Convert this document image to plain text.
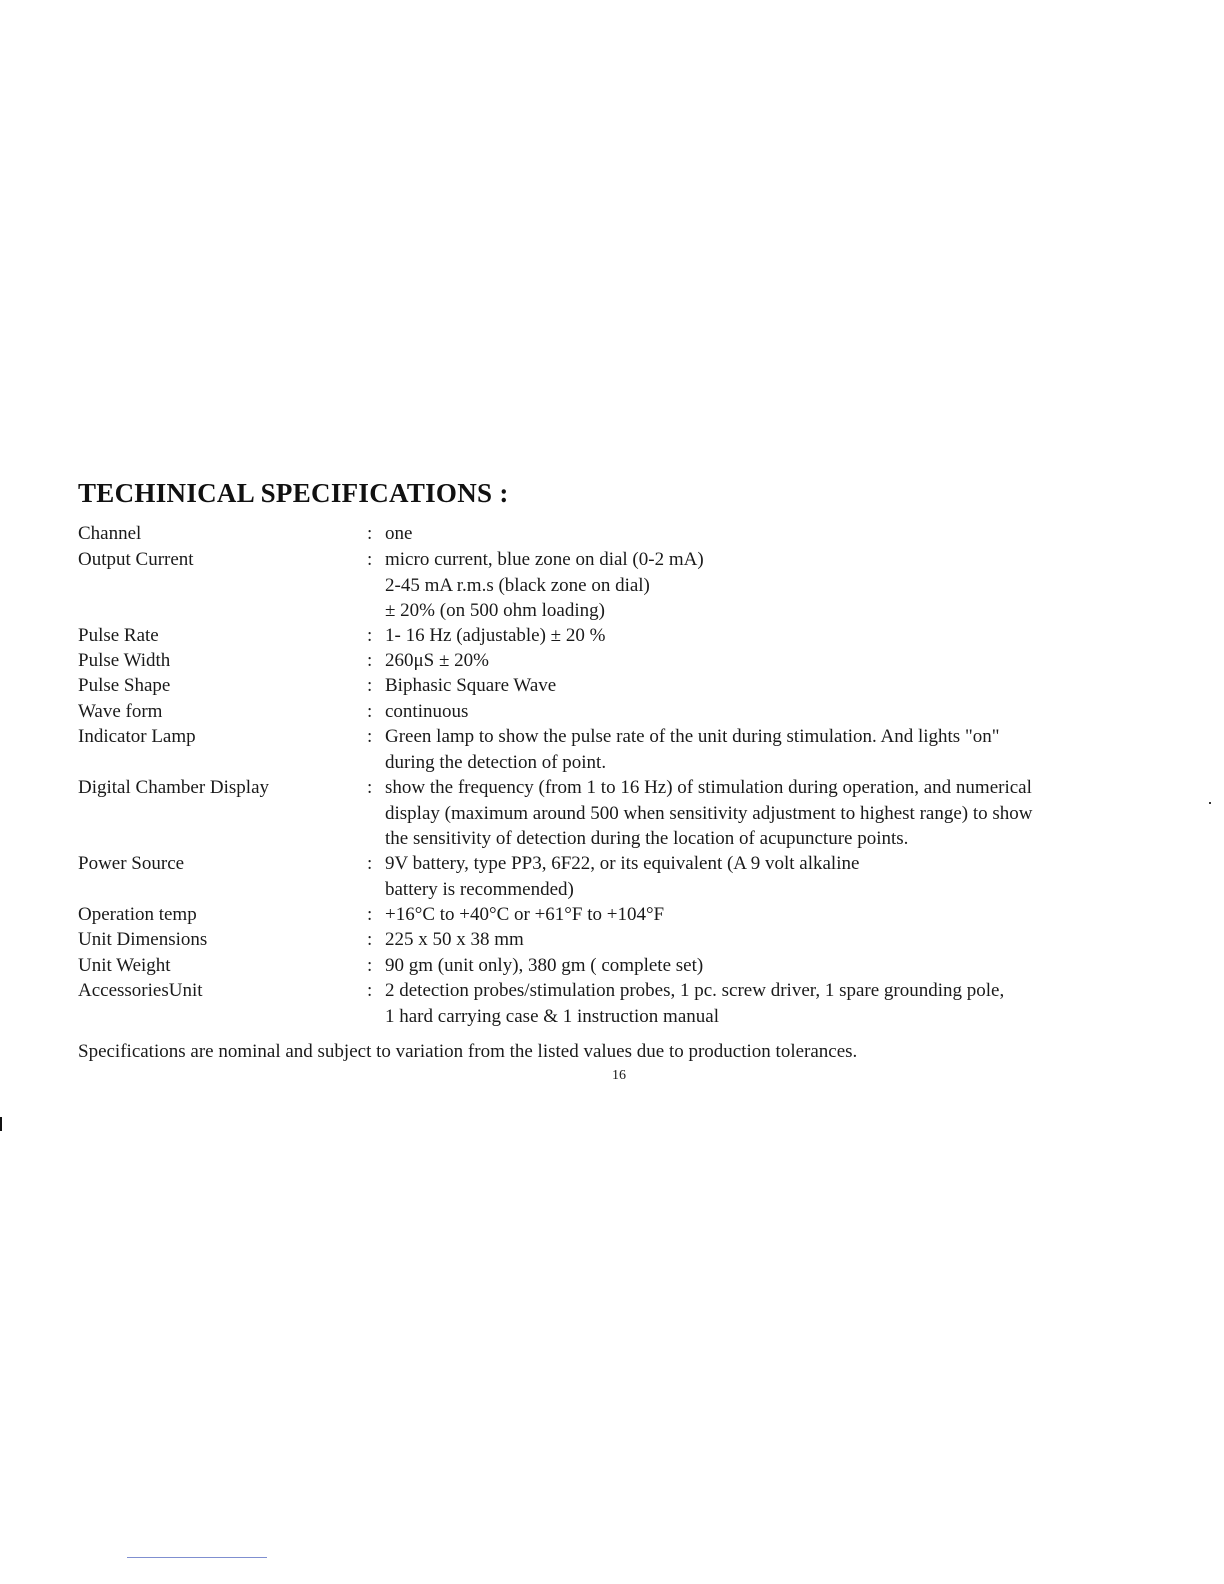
TECHINICAL SPECIFICATIONS :
Channel	: one
Output Current	: micro current, blue zone on dial (0-2 mA)
2-45 mA r.m.s (black zone on dial)
± 20% (on 500 ohm loading)
Pulse Rate	: 1- 16 Hz (adjustable) ± 20 %
Pulse Width	: 260μS ± 20%
Pulse Shape	: Biphasic Square Wave
Wave form	: continuous
Indicator Lamp	: Green lamp to show the pulse rate of the unit during stimulation. And lights "on"
during the detection of point.
Digital Chamber Display	: show the frequency (from 1 to 16 Hz) of stimulation during operation, and numerical
display (maximum around 500 when sensitivity adjustment to highest range) to show
the sensitivity of detection during the location of acupuncture points.
Power Source	: 9V battery, type PP3, 6F22, or its equivalent (A 9 volt alkaline
battery is recommended)
Operation temp	: +16°C to +40°C or +61°F to +104°F
Unit Dimensions	: 225 x 50 x 38 mm
Unit Weight	: 90 gm (unit only), 380 gm ( complete set)
AccessoriesUnit	: 2 detection probes/stimulation probes, 1 pc. screw driver, 1 spare grounding pole,
1 hard carrying case & 1 instruction manual
Specifications are nominal and subject to variation from the listed values due to production tolerances.
16
